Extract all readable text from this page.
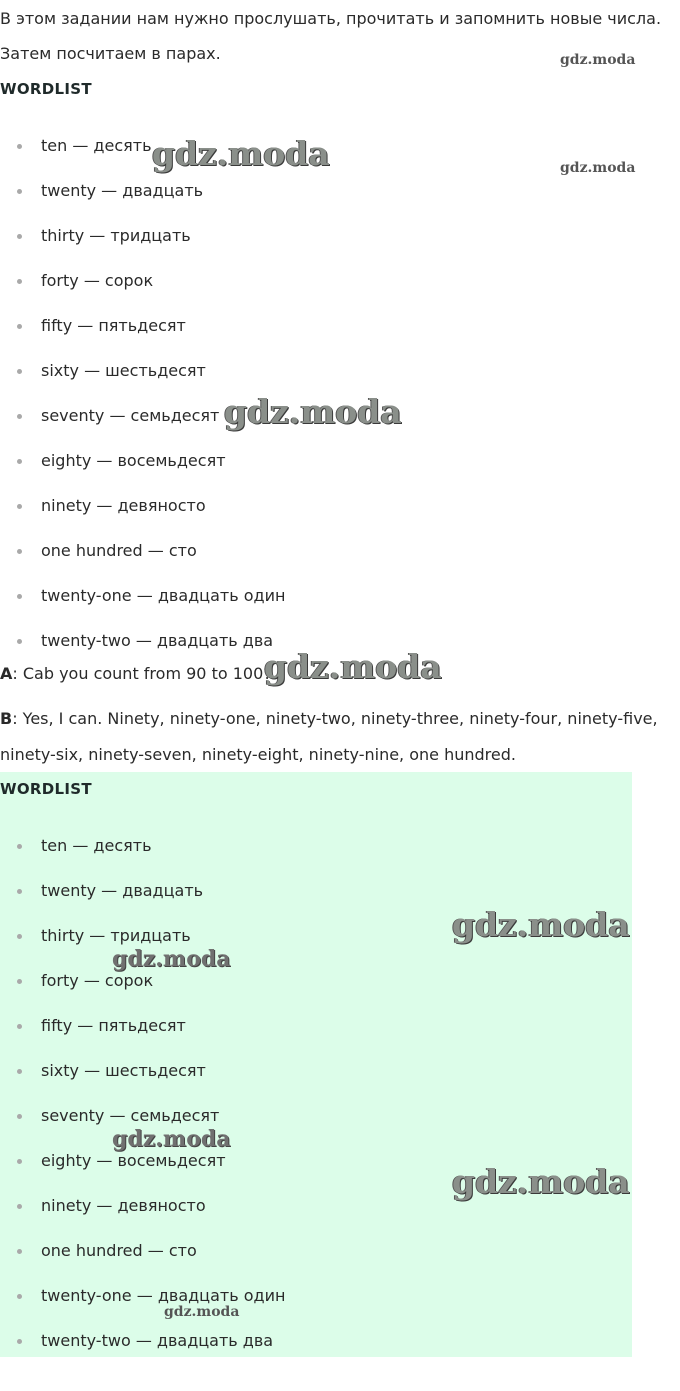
В этом задании нам нужно прослушать, прочитать и запомнить новые числа.
Затем посчитаем в парах.
WORDLIST
ten — десять
twenty — двадцать
thirty — тридцать
forty — сорок
fifty — пятьдесят
sixty — шестьдесят
seventy — семьдесят
eighty — восемьдесят
ninety — девяносто
one hundred — сто
twenty-one — двадцать один
twenty-two — двадцать два
A: Cab you count from 90 to 100?
B: Yes, I can. Ninety, ninety-one, ninety-two, ninety-three, ninety-four, ninety-five,
ninety-six, ninety-seven, ninety-eight, ninety-nine, one hundred.
WORDLIST
ten — десять
twenty — двадцать
thirty — тридцать
forty — сорок
fifty — пятьдесят
sixty — шестьдесят
seventy — семьдесят
eighty — восемьдесят
ninety — девяносто
one hundred — сто
twenty-one — двадцать один
twenty-two — двадцать два
gdz.moda
gdz.moda	gdz.moda
gdz.moda
gdz.moda
gdz.moda
gdz.moda
gdz.moda
gdz.moda
gdz.moda
